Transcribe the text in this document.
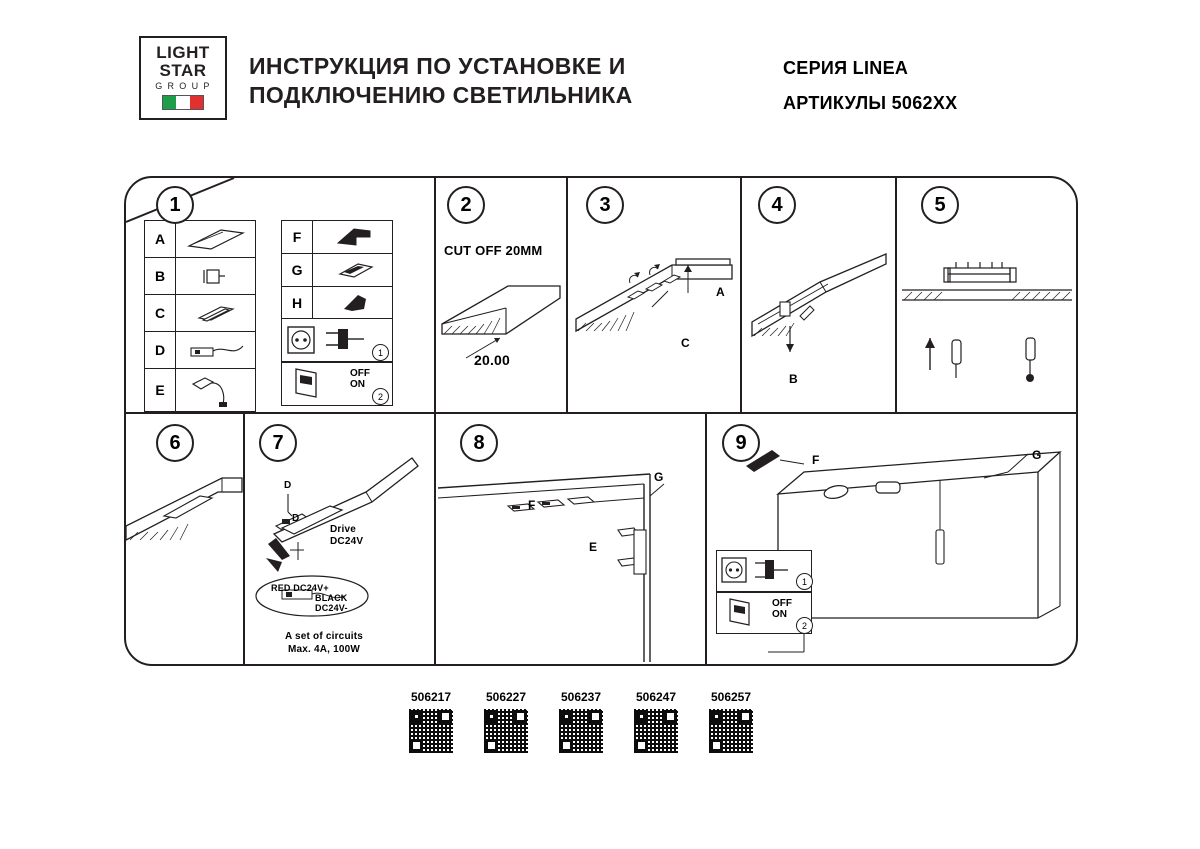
LIGHT
STAR
G R O U P
ИНСТРУКЦИЯ ПО УСТАНОВКЕ И ПОДКЛЮЧЕНИЮ СВЕТИЛЬНИКА
СЕРИЯ LINEA
АРТИКУЛЫ 5062XX
1	2	3	4	5
6	7	8	9
A	

B	

C	

D	

E	
F	

G	

H	
1
OFF
ON
2
CUT OFF 20MM
20.00
A
C
B
D
D
Drive
DC24V
RED DC24V+
BLACK
DC24V-
A set of circuits
Max. 4A, 100W
F
E
G
F	G
1
OFF
ON
2
506217	506227	506237	506247	506257
